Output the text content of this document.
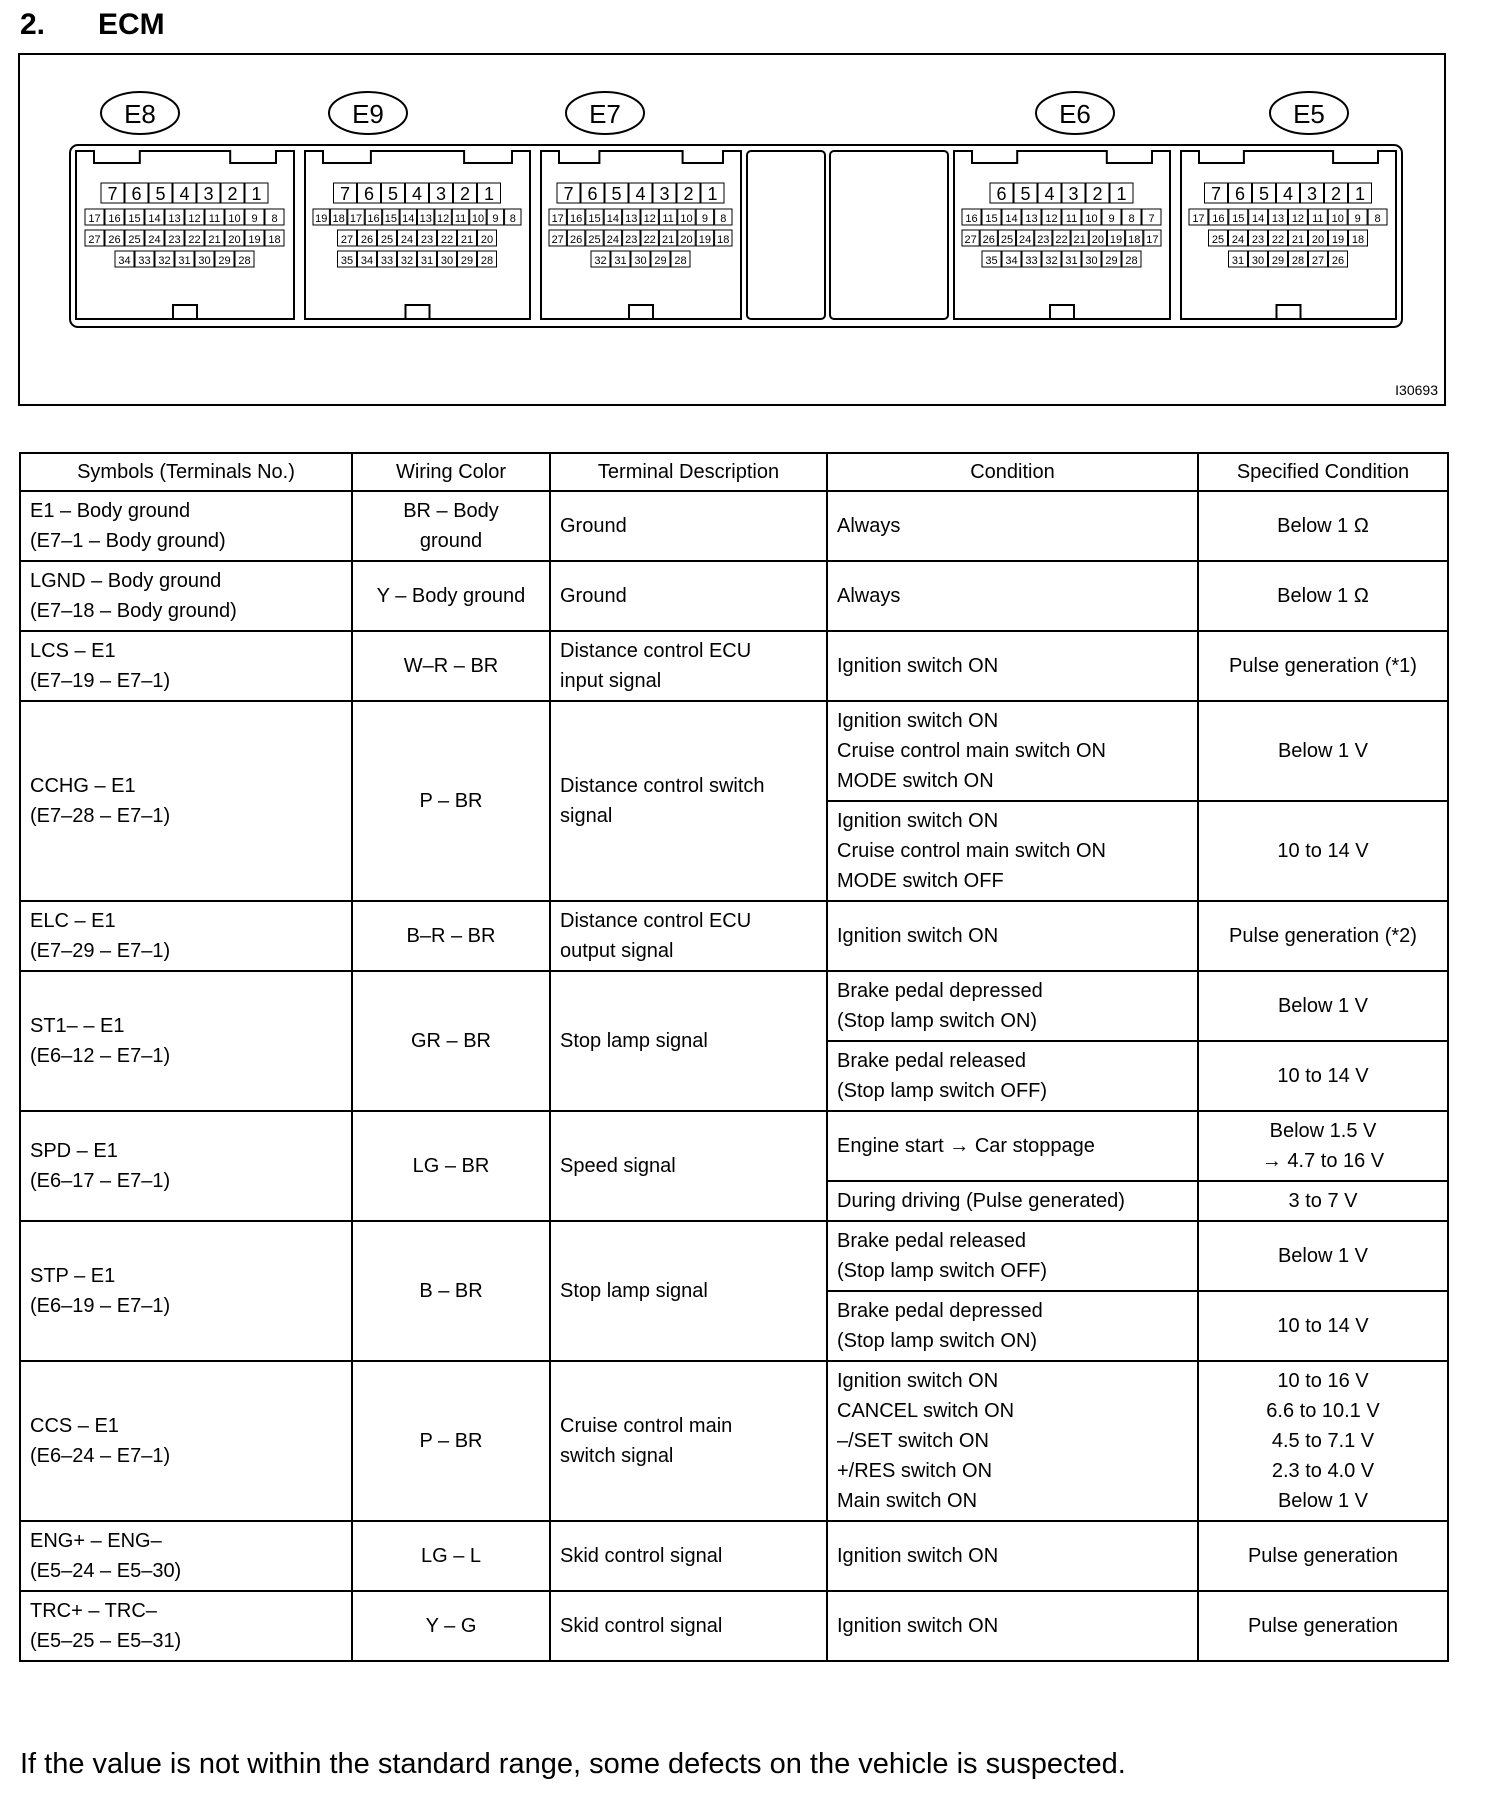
2. ECM
E8
7 6 5 4 3 2 1
17 16 15 14 13 12 11 10 9 8
27 26 25 24 23 22 21 20 19 18
34 33 32 31 30 29 28
E9
7 6 5 4 3 2 1
19 18 17 16 15 14 13 12 11 10 9 8
27 26 25 24 23 22 21 20
35 34 33 32 31 30 29 28
E7
7 6 5 4 3 2 1
17 16 15 14 13 12 11 10 9 8
27 26 25 24 23 22 21 20 19 18
32 31 30 29 28
E6
6 5 4 3 2 1
16 15 14 13 12 11 10 9 8 7
27 26 25 24 23 22 21 20 19 18 17
35 34 33 32 31 30 29 28
E5
7 6 5 4 3 2 1
17 16 15 14 13 12 11 10 9 8
25 24 23 22 21 20 19 18
31 30 29 28 27 26
I30693
Symbols (Terminals No.)	Wiring Color	Terminal Description	Condition	Specified Condition
E1 – Body ground
(E7–1 – Body ground)	BR – Body
ground	Ground	Always	Below 1 Ω
LGND – Body ground
(E7–18 – Body ground)	Y – Body ground	Ground	Always	Below 1 Ω
LCS – E1
(E7–19 – E7–1)	W–R – BR	Distance control ECU
input signal	Ignition switch ON	Pulse generation (*1)
CCHG – E1
(E7–28 – E7–1)	P – BR	Distance control switch
signal	Ignition switch ON
Cruise control main switch ON
MODE switch ON	Below 1 V
			Ignition switch ON
Cruise control main switch ON
MODE switch OFF	10 to 14 V
ELC – E1
(E7–29 – E7–1)	B–R – BR	Distance control ECU
output signal	Ignition switch ON	Pulse generation (*2)
ST1– – E1
(E6–12 – E7–1)	GR – BR	Stop lamp signal	Brake pedal depressed
(Stop lamp switch ON)	Below 1 V
			Brake pedal released
(Stop lamp switch OFF)	10 to 14 V
SPD – E1
(E6–17 – E7–1)	LG – BR	Speed signal	Engine start → Car stoppage	Below 1.5 V
→ 4.7 to 16 V
			During driving (Pulse generated)	3 to 7 V
STP – E1
(E6–19 – E7–1)	B – BR	Stop lamp signal	Brake pedal released
(Stop lamp switch OFF)	Below 1 V
			Brake pedal depressed
(Stop lamp switch ON)	10 to 14 V
CCS – E1
(E6–24 – E7–1)	P – BR	Cruise control main
switch signal	Ignition switch ON
CANCEL switch ON
–/SET switch ON
+/RES switch ON
Main switch ON	10 to 16 V
6.6 to 10.1 V
4.5 to 7.1 V
2.3 to 4.0 V
Below 1 V
ENG+ – ENG–
(E5–24 – E5–30)	LG – L	Skid control signal	Ignition switch ON	Pulse generation
TRC+ – TRC–
(E5–25 – E5–31)	Y – G	Skid control signal	Ignition switch ON	Pulse generation
If the value is not within the standard range, some defects on the vehicle is suspected.
